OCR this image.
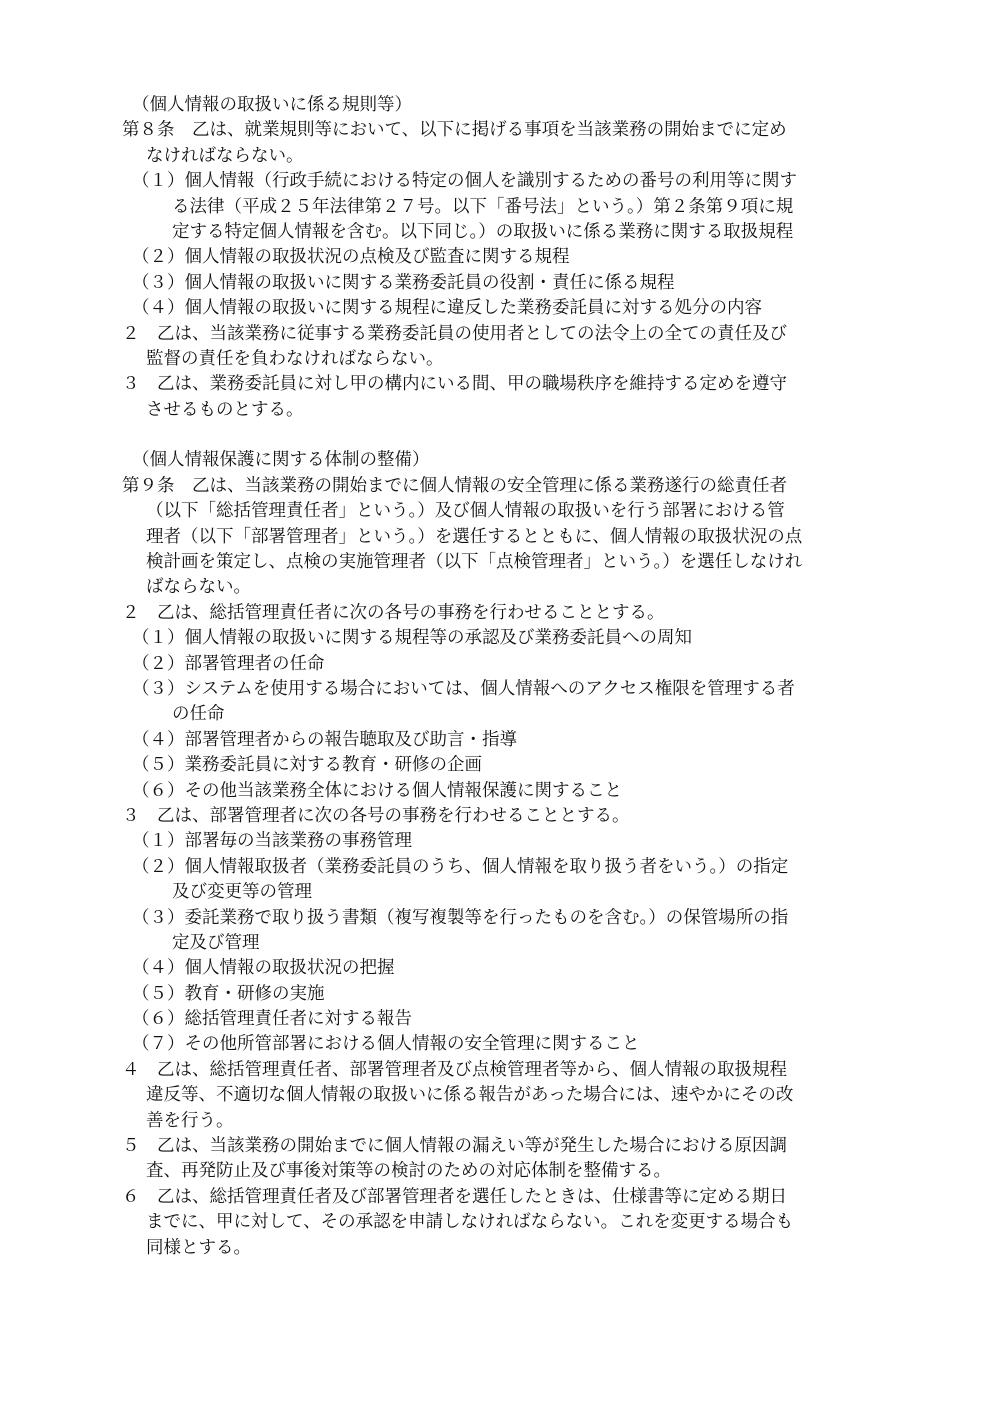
（個人情報の取扱いに係る規則等）
第８条　乙は、就業規則等において、以下に掲げる事項を当該業務の開始までに定め
なければならない。
（１）個人情報（行政手続における特定の個人を識別するための番号の利用等に関す
る法律（平成２５年法律第２７号。以下「番号法」という。）第２条第９項に規
定する特定個人情報を含む。以下同じ。）の取扱いに係る業務に関する取扱規程
（２）個人情報の取扱状況の点検及び監査に関する規程
（３）個人情報の取扱いに関する業務委託員の役割・責任に係る規程
（４）個人情報の取扱いに関する規程に違反した業務委託員に対する処分の内容
２　乙は、当該業務に従事する業務委託員の使用者としての法令上の全ての責任及び
監督の責任を負わなければならない。
３　乙は、業務委託員に対し甲の構内にいる間、甲の職場秩序を維持する定めを遵守
させるものとする。
（個人情報保護に関する体制の整備）
第９条　乙は、当該業務の開始までに個人情報の安全管理に係る業務遂行の総責任者
（以下「総括管理責任者」という。）及び個人情報の取扱いを行う部署における管
理者（以下「部署管理者」という。）を選任するとともに、個人情報の取扱状況の点
検計画を策定し、点検の実施管理者（以下「点検管理者」という。）を選任しなけれ
ばならない。
２　乙は、総括管理責任者に次の各号の事務を行わせることとする。
（１）個人情報の取扱いに関する規程等の承認及び業務委託員への周知
（２）部署管理者の任命
（３）システムを使用する場合においては、個人情報へのアクセス権限を管理する者
の任命
（４）部署管理者からの報告聴取及び助言・指導
（５）業務委託員に対する教育・研修の企画
（６）その他当該業務全体における個人情報保護に関すること
３　乙は、部署管理者に次の各号の事務を行わせることとする。
（１）部署毎の当該業務の事務管理
（２）個人情報取扱者（業務委託員のうち、個人情報を取り扱う者をいう。）の指定
及び変更等の管理
（３）委託業務で取り扱う書類（複写複製等を行ったものを含む。）の保管場所の指
定及び管理
（４）個人情報の取扱状況の把握
（５）教育・研修の実施
（６）総括管理責任者に対する報告
（７）その他所管部署における個人情報の安全管理に関すること
４　乙は、総括管理責任者、部署管理者及び点検管理者等から、個人情報の取扱規程
違反等、不適切な個人情報の取扱いに係る報告があった場合には、速やかにその改
善を行う。
５　乙は、当該業務の開始までに個人情報の漏えい等が発生した場合における原因調
査、再発防止及び事後対策等の検討のための対応体制を整備する。
６　乙は、総括管理責任者及び部署管理者を選任したときは、仕様書等に定める期日
までに、甲に対して、その承認を申請しなければならない。これを変更する場合も
同様とする。
